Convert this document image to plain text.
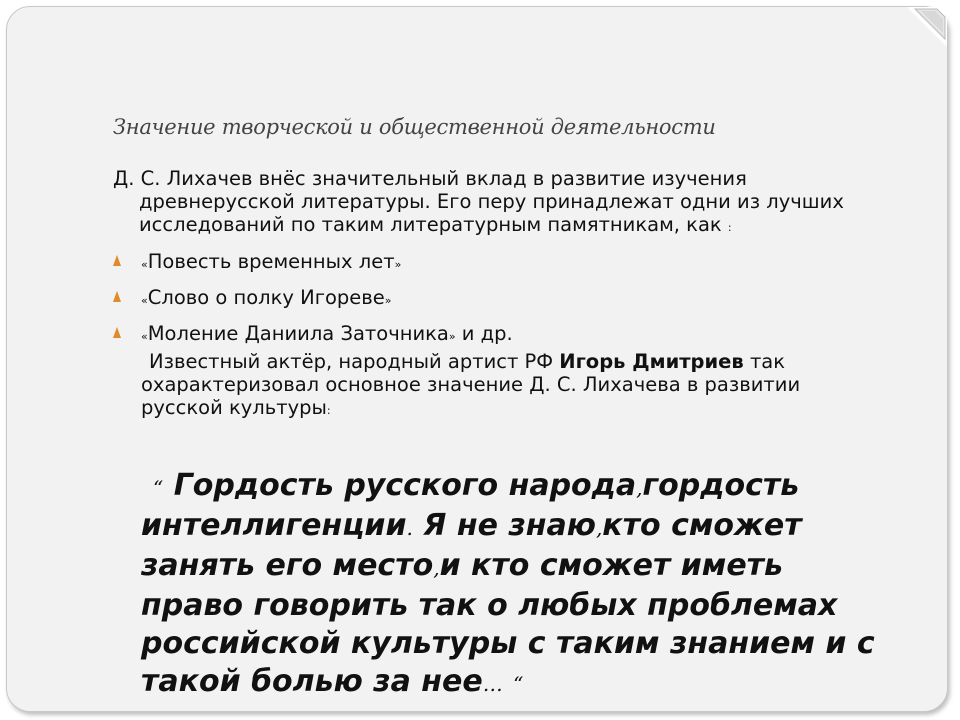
Значение творческой и общественной деятельности
Д. С. Лихачев внёс значительный вклад в развитие изучения
древнерусской литературы. Его перу принадлежат одни из лучших
исследований по таким литературным памятникам, как :
«Повесть временных лет»
«Слово о полку Игореве»
«Моление Даниила Заточника» и др.
Известный актёр, народный артист РФ Игорь Дмитриев так
охарактеризовал основное значение Д. С. Лихачева в развитии
русской культуры:
“ Гордость русского народа,гордость
интеллигенции. Я не знаю,кто сможет
занять его место,и кто сможет иметь
право говорить так о любых проблемах
российской культуры с таким знанием и с
такой болью за нее… “
